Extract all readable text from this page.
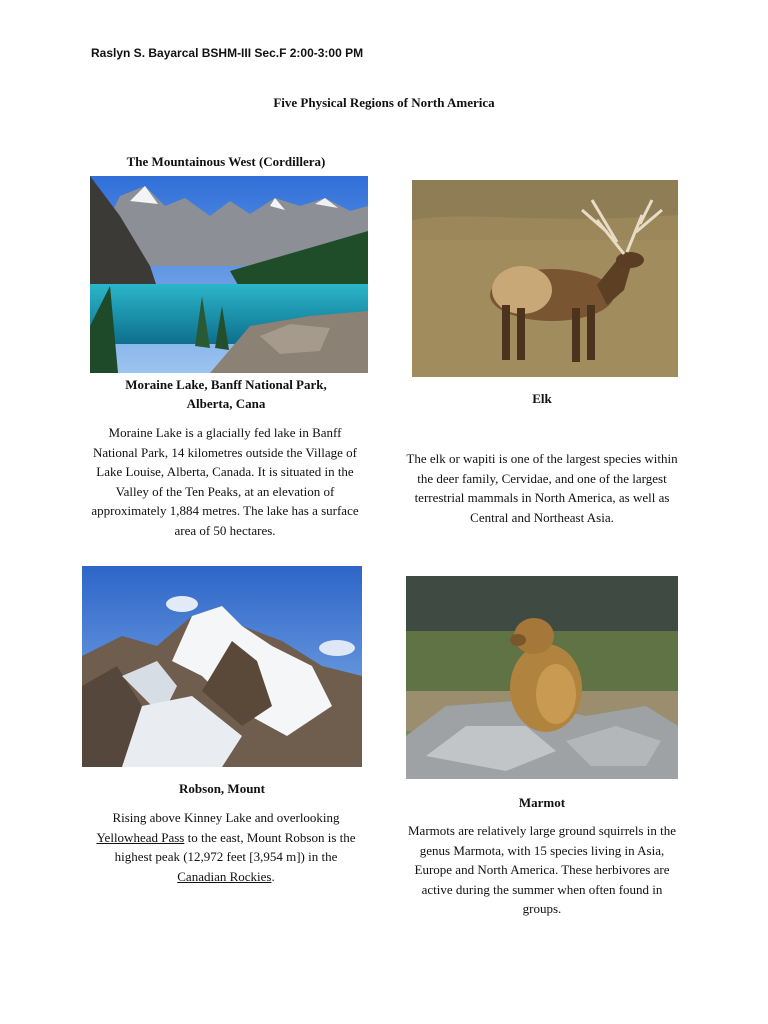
Raslyn S. Bayarcal BSHM-III Sec.F 2:00-3:00 PM
Five Physical Regions of North America
The Mountainous West (Cordillera)
Moraine Lake, Banff National Park,
Alberta, Cana	Elk
Moraine Lake is a glacially fed lake in Banff National Park, 14 kilometres outside the Village of Lake Louise, Alberta, Canada. It is situated in the Valley of the Ten Peaks, at an elevation of approximately 1,884 metres. The lake has a surface area of 50 hectares.
The elk or wapiti is one of the largest species within the deer family, Cervidae, and one of the largest terrestrial mammals in North America, as well as Central and Northeast Asia.
Robson, Mount
Marmot
Rising above Kinney Lake and overlooking Yellowhead Pass to the east, Mount Robson is the highest peak (12,972 feet [3,954 m]) in the Canadian Rockies.
Marmots are relatively large ground squirrels in the genus Marmota, with 15 species living in Asia, Europe and North America. These herbivores are active during the summer when often found in groups.
